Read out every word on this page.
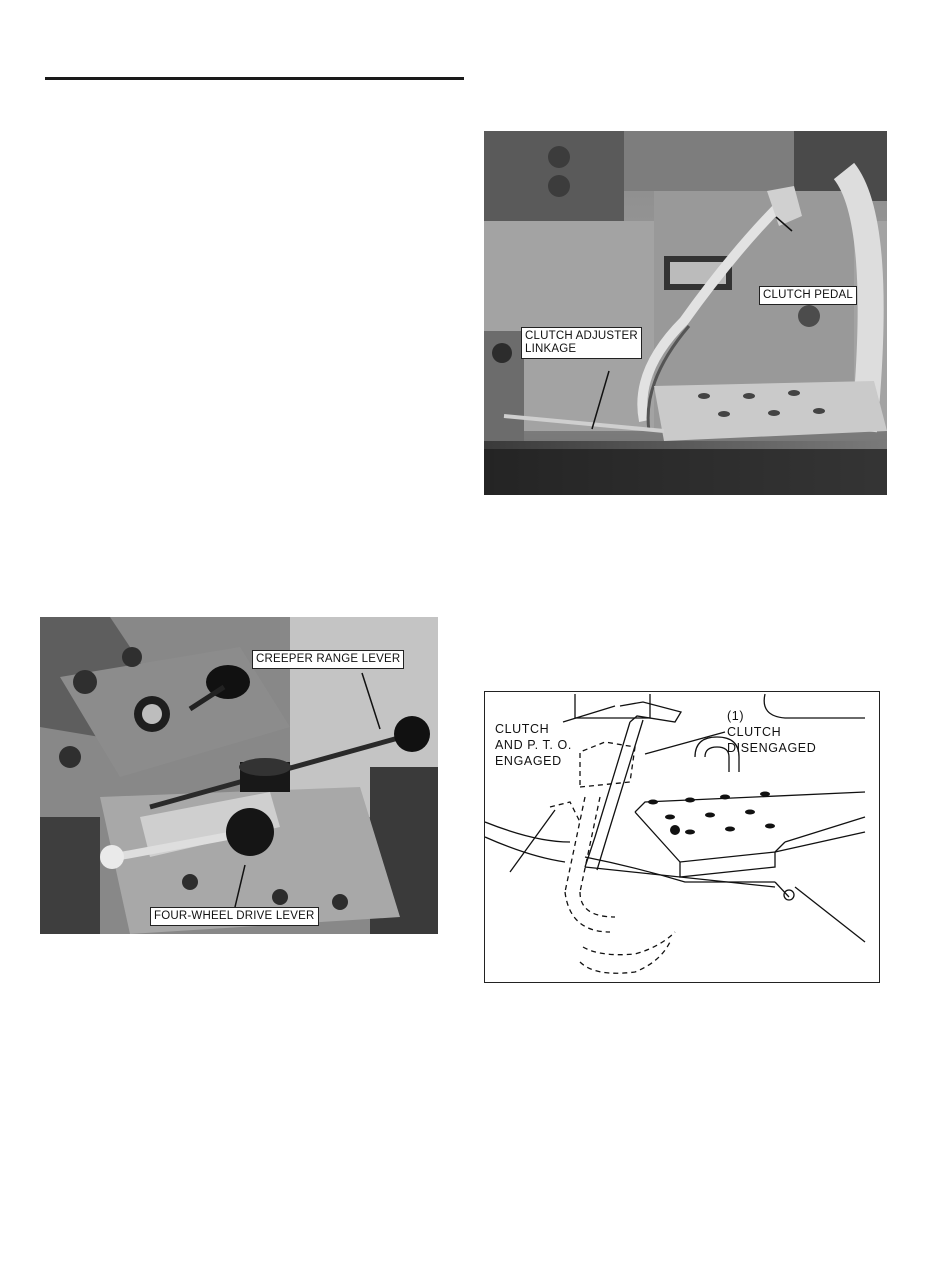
CLUTCH PEDAL
CLUTCH ADJUSTER
LINKAGE
CREEPER RANGE LEVER
FOUR-WHEEL DRIVE LEVER
CLUTCH
AND P. T. O.
ENGAGED
(1)
CLUTCH
DISENGAGED
